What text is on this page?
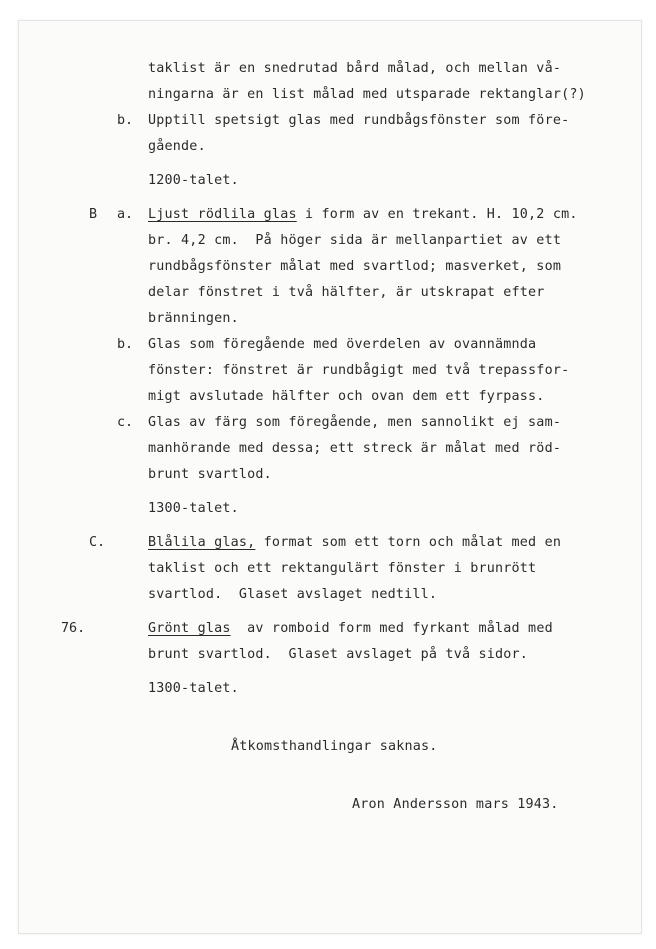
taklist är en snedrutad bård målad, och mellan vå-
ningarna är en list målad med utsparade rektanglar(?)
b. Upptill spetsigt glas med rundbågsfönster som före-
gående.
1200-talet.
B a. Ljust rödlila glas i form av en trekant. H. 10,2 cm.
br. 4,2 cm.  På höger sida är mellanpartiet av ett
rundbågsfönster målat med svartlod; masverket, som
delar fönstret i två hälfter, är utskrapat efter
bränningen.
b. Glas som föregående med överdelen av ovannämnda
fönster: fönstret är rundbågigt med två trepassfor-
migt avslutade hälfter och ovan dem ett fyrpass.
c. Glas av färg som föregående, men sannolikt ej sam-
manhörande med dessa; ett streck är målat med röd-
brunt svartlod.
1300-talet.
C.	Blålila glas, format som ett torn och målat med en
taklist och ett rektangulärt fönster i brunrött
svartlod.  Glaset avslaget nedtill.
76.	Grönt glas  av romboid form med fyrkant målad med
brunt svartlod.  Glaset avslaget på två sidor.
1300-talet.
Åtkomsthandlingar saknas.
Aron Andersson mars 1943.
